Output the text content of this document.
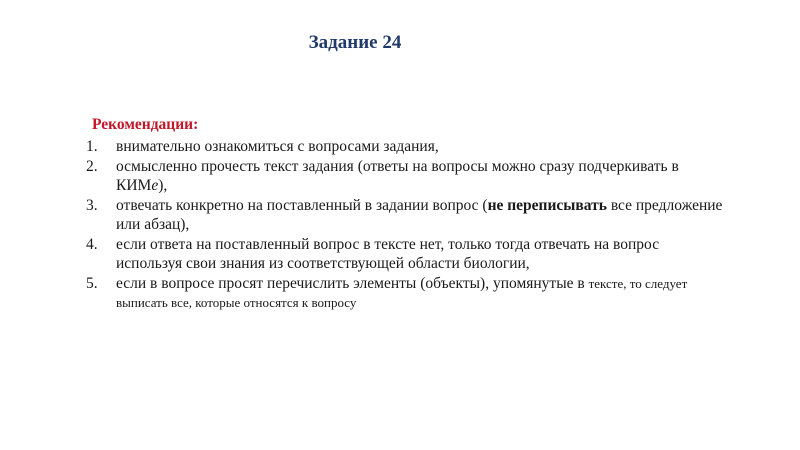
Задание 24
Рекомендации:
1. внимательно ознакомиться с вопросами задания,
2. осмысленно прочесть текст задания (ответы на вопросы можно сразу подчеркивать в КИМе),
3. отвечать конкретно на поставленный в задании вопрос (не переписывать все предложение или абзац),
4. если ответа на поставленный вопрос в тексте нет, только тогда отвечать на вопрос используя свои знания из соответствующей области биологии,
5. если в вопросе просят перечислить элементы (объекты), упомянутые в тексте, то следует выписать все, которые относятся к вопросу
